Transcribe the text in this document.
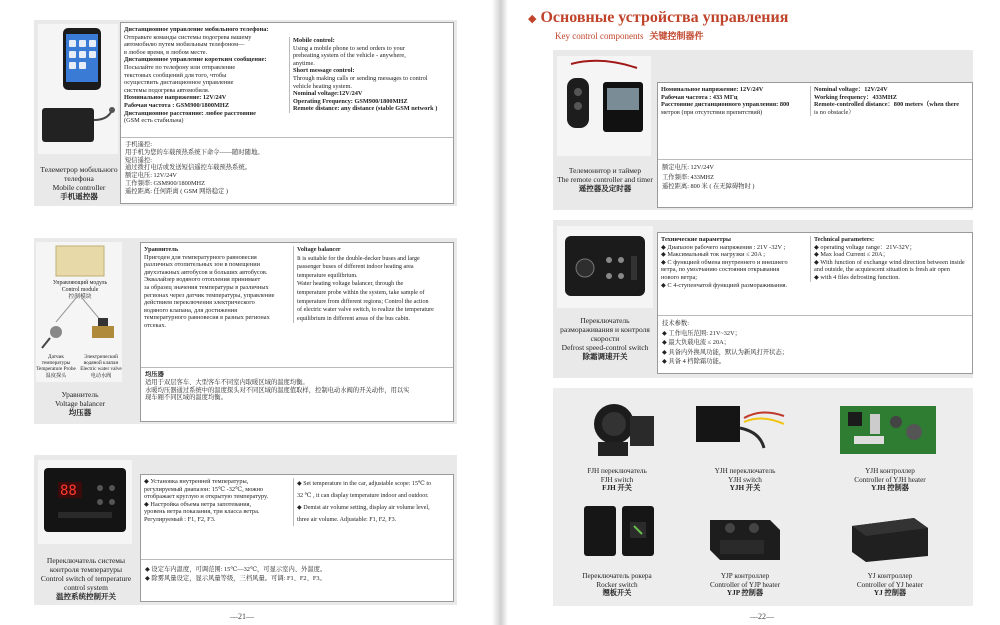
Телеметрор мобильного
телефона
Mobile controller
手机遥控器
Дистанционное управление мобильного телефона:
Отправьте команды системы подогрева вашему
автомобилю путем мобильным телефоном—
в любое время, в любом месте.
Дистанционное управление коротким сообщение:
Посылайте по телефону или отправление
текстовых сообщений для того, чтобы
осуществить дистанционное управление
системы подогрева автомобиля.
Номинальное напряжение: 12V/24V
Рабочая частота : GSM900/1800MHZ
Дистанционное расстояние: любое расстояние
(GSM есть стабильна)
Mobile control:
Using a mobile phone to send orders to your
preheating system of the vehicle - anywhere,
anytime.
Short message control:
Through making calls or sending messages to control
vehicle heating system.
Nominal voltage:12V/24V
Operating Frequency: GSM900/1800MHZ
Remote distance: any distance (stable GSM network )
手机遥控:
用手机为您的车载预热系统下命令——随时随地。
短信遥控:
通过拨打电话或发送短信遥控车载预热系统。
额定电压: 12V/24V
工作频率: GSM900/1800MHZ
遥控距离: 任何距离 ( GSM 网络稳定 )
Управляющий модуль
Control module
控制模块
Датчик температуры
Temperature Probe
温度探头
Электрический водяной клапан
Electric water valve
电动水阀
Уравнитель
Voltage balancer
均压器
Уравнитель
Пригоден для температурного равновесия
различных отопительных зон в помещении
двухэтажных автобусов и больших автобусов.
Эквалайзер водяного отопления принимает
за образец значения температуры в различных
регионах через датчик температуры, управление
действием переключения электрического
водяного клапана, для достижения
температурного равновесия в разных регионах
отсеках.
Voltage balancer
It is suitable for the double-decker buses and large
passenger buses of different indoor heating area
temperature equilibrium.
Water heating voltage balancer, through the
temperature probe within the system, take sample of
temperature from different regions; Control the action
of electric water valve switch, to realize the temperature
equilibrium in different areas of the bus cabin.
均压器
适用于双层客车、大型客车不同室内取暖区域的温度均衡。
水暖均压器通过系统中的温度探头对不同区域的温度值取样，控制电动水阀的开关动作，用以实
现车厢不同区域的温度均衡。
88
Переключатель системы
контроля температуры
Control switch of temperature
control system
温控系统控制开关
◆ Установка внутренней температуры,
регулируемый диапазон: 15℃ -32℃, можно
отображает круглую и открытую температуру.
◆ Настройка объема ветра запотевания,
уровень ветра показания, три класса ветра.
Регулируемый : F1, F2, F3.
◆ Set temperature in the car, adjustable scope: 15℃ to
32 ℃ , it can display temperature indoor and outdoor.
◆ Demist air volume setting, display air volume level,
three air volume. Adjustable: F1, F2, F3.
◆ 设定车内温度，可调范围: 15℃—32℃，可显示室内、外温度。
◆ 除雾风量设定，显示风量等级，三档风量。可调: F1、F2、F3。
—21—
◆ Основные устройства управления
Key control components 关键控制器件
Телемонитор и таймер
The remote controller and timer
遥控器及定时器
Номинальное напряжение: 12V/24V
Рабочая частота : 433 МГц
Расстояние дистанционного управления: 800
метров (при отсутствии препятствий)
Nominal voltage：12V/24V
Working frequency：433MHZ
Remote-controlled distance：800 meters（when there
is no obstacle）
额定电压: 12V/24V
工作频率: 433MHZ
遥控距离: 800 米 ( 在无障碍物时 )
Переключатель
размораживания и контроля
скорости
Defrost speed-control switch
除霜调速开关
Технические параметры
◆ Диапазон рабочего напряжения : 21V -32V ;
◆ Максимальный ток нагрузки ≤ 20A ;
◆ С функцией обмена внутреннего и внешнего
ветра, по умолчанию состояния открывания
нового ветра;
◆ С 4-ступенчатой функцией размораживания.
Technical parameters:
◆ operating voltage range：21V-32V；
◆ Max load Current ≤ 20A；
◆ With function of exchange wind direction between inside
and outside, the acquiescent situation is fresh air open
◆ with 4 files defrosting function.
技术参数:
◆ 工作电压范围: 21V~32V；
◆ 最大负载电流 ≤ 20A；
◆ 具备内外换风功能，默认为新风打开状态；
◆ 具备 4 档除霜功能。
FJH переключатель
FJH switch
FJH 开关
YJH переключатель
YJH switch
YJH 开关
YJH контроллер
Controller of YJH heater
YJH 控制器
Переключатель рокера
Rocker switch
翘板开关
YJP контроллер
Controller of YJP heater
YJP 控制器
YJ контроллер
Controller of YJ heater
YJ 控制器
—22—
